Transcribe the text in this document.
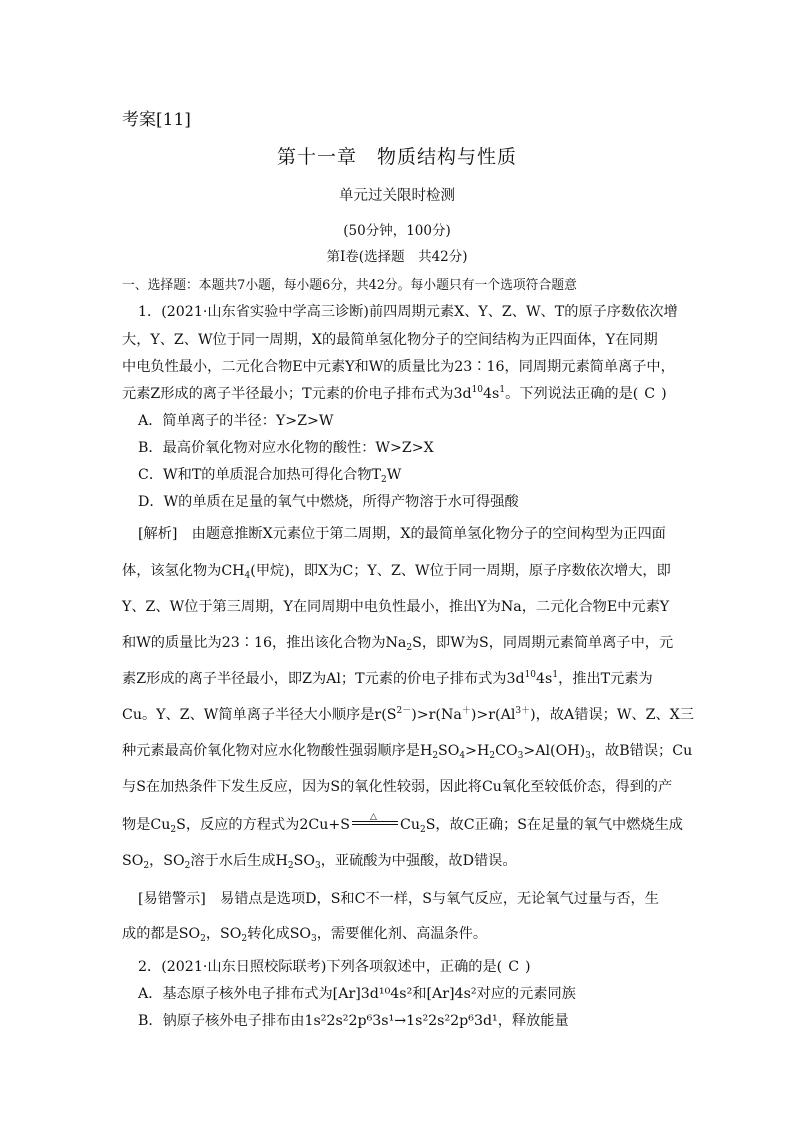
考案[11]
第十一章　物质结构与性质
单元过关限时检测
(50分钟，100分)
第Ⅰ卷(选择题　共42分)
一、选择题：本题共7小题，每小题6分，共42分。每小题只有一个选项符合题意
1．(2021·山东省实验中学高三诊断)前四周期元素X、Y、Z、W、T的原子序数依次增
大，Y、Z、W位于同一周期，X的最简单氢化物分子的空间结构为正四面体，Y在同期
中电负性最小，二元化合物E中元素Y和W的质量比为23∶16，同周期元素简单离子中，
元素Z形成的离子半径最小；T元素的价电子排布式为$3d^{10}4s^1$。下列说法正确的是( C )
A．简单离子的半径：Y>Z>W
B．最高价氧化物对应水化物的酸性：W>Z>X
C．W和T的单质混合加热可得化合物$T_2W$
D．W的单质在足量的氧气中燃烧，所得产物溶于水可得强酸
[解析]　由题意推断X元素位于第二周期，X的最简单氢化物分子的空间构型为正四面
体，该氢化物为$CH_4$(甲烷)，即X为C；Y、Z、W位于同一周期，原子序数依次增大，即
Y、Z、W位于第三周期，Y在同周期中电负性最小，推出Y为Na，二元化合物E中元素Y
和W的质量比为23∶16，推出该化合物为$Na_2S$，即W为S，同周期元素简单离子中，元
素Z形成的离子半径最小，即Z为Al；T元素的价电子排布式为$3d^{10}4s^1$，推出T元素为
Cu。Y、Z、W简单离子半径大小顺序是$r(S^{2-})>r(Na^+)>r(Al^{3+})$，故A错误；W、Z、X三
种元素最高价氧化物对应水化物酸性强弱顺序是$H_2SO_4>H_2CO_3>Al(OH)_3$，故B错误；Cu
与S在加热条件下发生反应，因为S的氧化性较弱，因此将Cu氧化至较低价态，得到的产
物是$Cu_2S$，反应的方程式为2Cu+S △ $Cu_2S$，故C正确；S在足量的氧气中燃烧生成
$SO_2$，$SO_2$溶于水后生成$H_2SO_3$，亚硫酸为中强酸，故D错误。
[易错警示]　易错点是选项D，S和C不一样，S与氧气反应，无论氧气过量与否，生
成的都是$SO_2$，$SO_2$转化成$SO_3$，需要催化剂、高温条件。
2．(2021·山东日照校际联考)下列各项叙述中，正确的是( C )
A．基态原子核外电子排布式为[Ar]3d¹⁰4s²和[Ar]4s²对应的元素同族
B．钠原子核外电子排布由1s²2s²2p⁶3s¹→1s²2s²2p⁶3d¹，释放能量
